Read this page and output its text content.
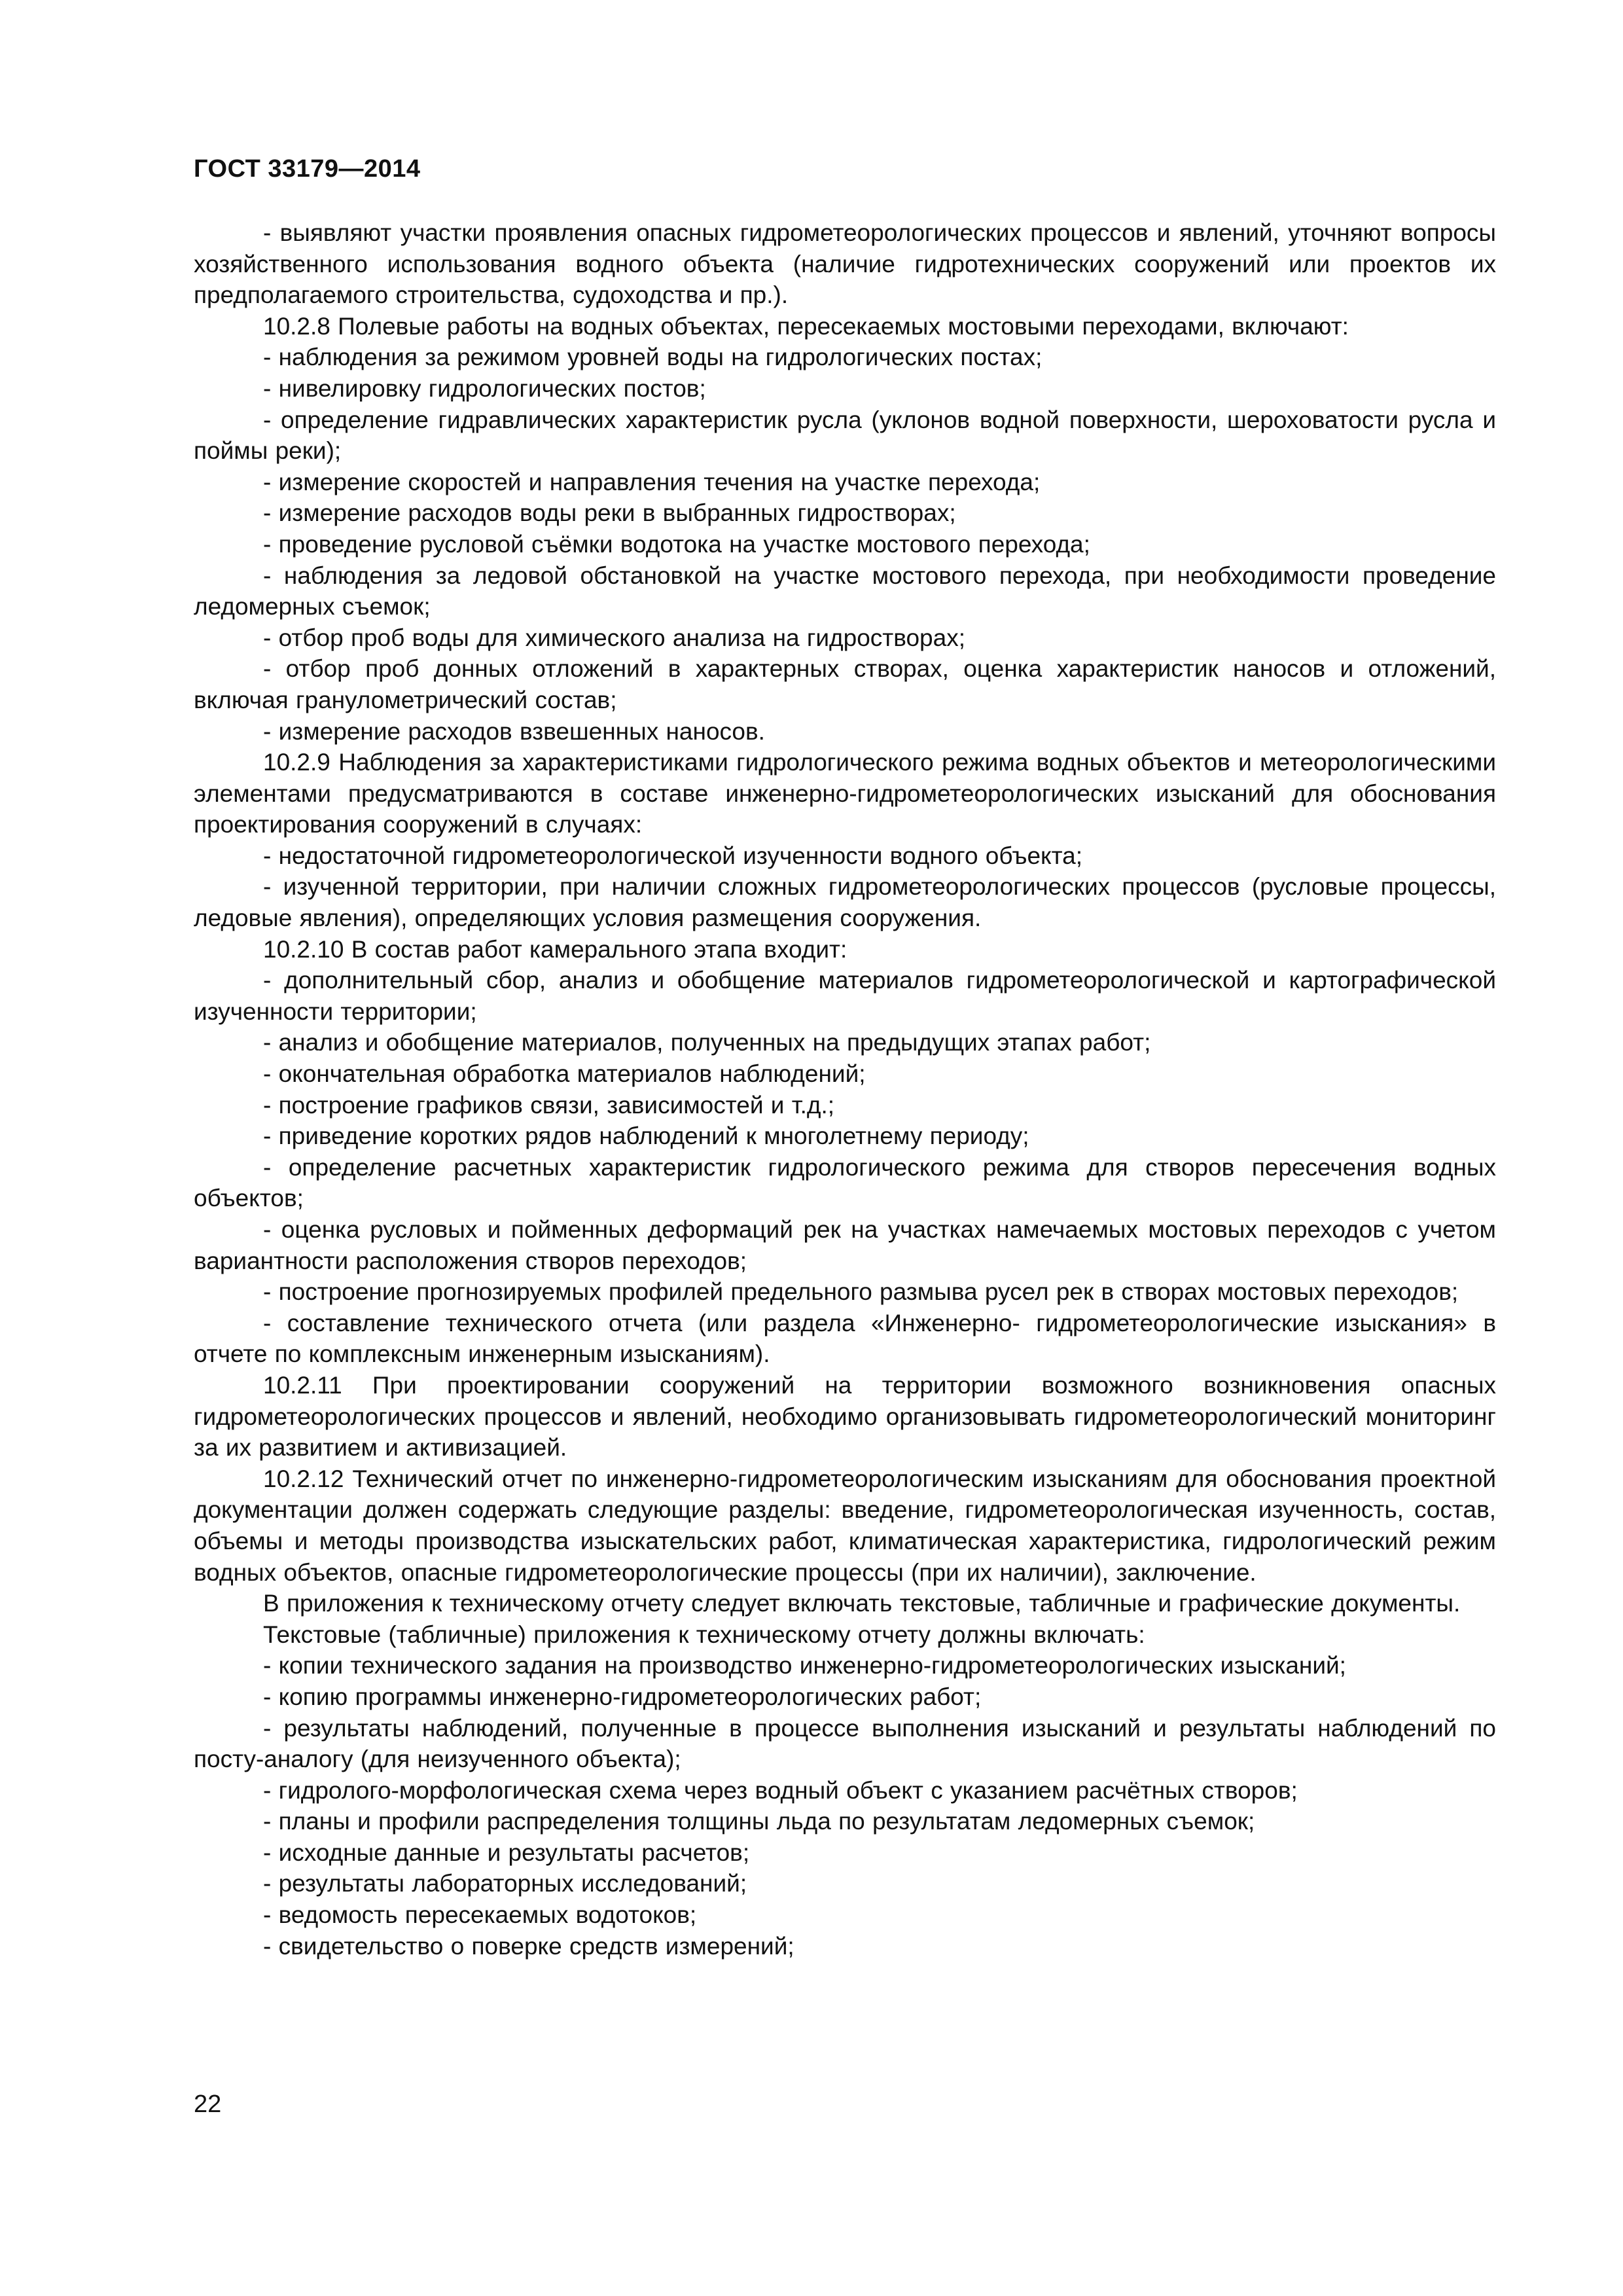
ГОСТ 33179—2014

- выявляют участки проявления опасных гидрометеорологических процессов и явлений, уточняют вопросы хозяйственного использования водного объекта (наличие гидротехнических сооружений или проектов их предполагаемого строительства, судоходства и пр.).

10.2.8 Полевые работы на водных объектах, пересекаемых мостовыми переходами, включают:

- наблюдения за режимом уровней воды на гидрологических постах;

- нивелировку гидрологических постов;

- определение гидравлических характеристик русла (уклонов водной поверхности, шероховатости русла и поймы реки);

- измерение скоростей и направления течения на участке перехода;

- измерение расходов воды реки в выбранных гидростворах;

- проведение русловой съёмки водотока на участке мостового перехода;

- наблюдения за ледовой обстановкой на участке мостового перехода, при необходимости проведение ледомерных съемок;

- отбор проб воды для химического анализа на гидростворах;

- отбор проб донных отложений в характерных створах, оценка характеристик наносов и отложений, включая гранулометрический состав;

- измерение расходов взвешенных наносов.

10.2.9 Наблюдения за характеристиками гидрологического режима водных объектов и метеорологическими элементами предусматриваются в составе инженерно-гидрометеорологических изысканий для обоснования проектирования сооружений в случаях:

- недостаточной гидрометеорологической изученности водного объекта;

- изученной территории, при наличии сложных гидрометеорологических процессов (русловые процессы, ледовые явления), определяющих условия размещения сооружения.

10.2.10 В состав работ камерального этапа входит:

- дополнительный сбор, анализ и обобщение материалов гидрометеорологической и картографической изученности территории;

- анализ и обобщение материалов, полученных на предыдущих этапах работ;

- окончательная обработка материалов наблюдений;

- построение графиков связи, зависимостей и т.д.;

- приведение коротких рядов наблюдений к многолетнему периоду;

- определение расчетных характеристик гидрологического режима для створов пересечения водных объектов;

- оценка русловых и пойменных деформаций рек на участках намечаемых мостовых переходов с учетом вариантности расположения створов переходов;

- построение прогнозируемых профилей предельного размыва русел рек в створах мостовых переходов;

- составление технического отчета (или раздела «Инженерно- гидрометеорологические изыскания» в отчете по комплексным инженерным изысканиям).

10.2.11 При проектировании сооружений на территории возможного возникновения опасных гидрометеорологических процессов и явлений, необходимо организовывать гидрометеорологический мониторинг за их развитием и активизацией.

10.2.12 Технический отчет по инженерно-гидрометеорологическим изысканиям для обоснования проектной документации должен содержать следующие разделы: введение, гидрометеорологическая изученность, состав, объемы и методы производства изыскательских работ, климатическая характеристика, гидрологический режим водных объектов, опасные гидрометеорологические процессы (при их наличии), заключение.

В приложения к техническому отчету следует включать текстовые, табличные и графические документы.

Текстовые (табличные) приложения к техническому отчету должны включать:

- копии технического задания на производство инженерно-гидрометеорологических изысканий;

- копию программы инженерно-гидрометеорологических работ;

- результаты наблюдений, полученные в процессе выполнения изысканий и результаты наблюдений по посту-аналогу (для неизученного объекта);

- гидролого-морфологическая схема через водный объект с указанием расчётных створов;

- планы и профили распределения толщины льда по результатам ледомерных съемок;

- исходные данные и результаты расчетов;

- результаты лабораторных исследований;

- ведомость пересекаемых водотоков;

- свидетельство о поверке средств измерений;

22
